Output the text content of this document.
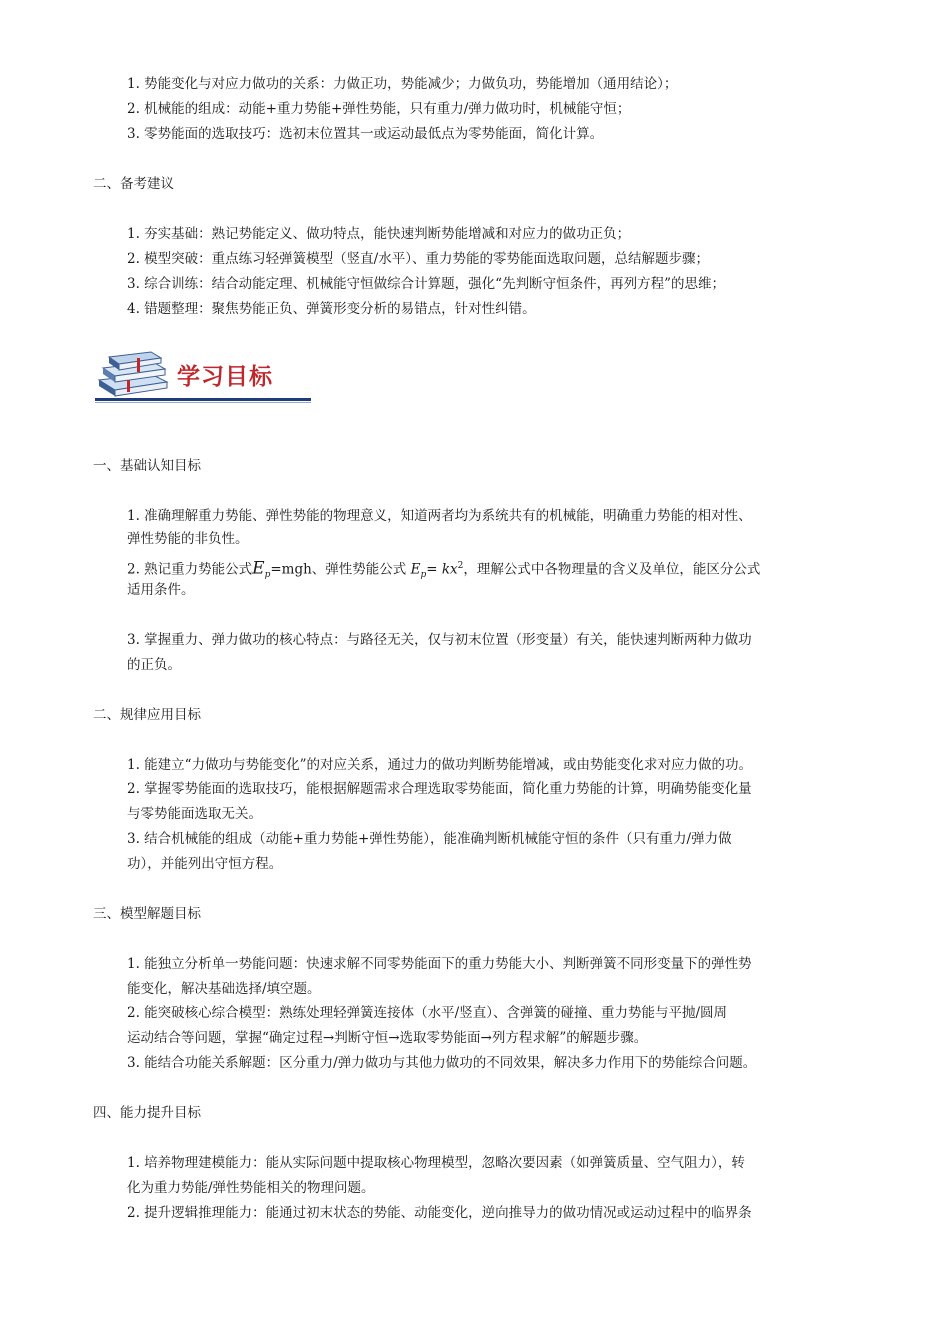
1. 势能变化与对应力做功的关系：力做正功，势能减少；力做负功，势能增加（通用结论）；
2. 机械能的组成：动能+重力势能+弹性势能，只有重力/弹力做功时，机械能守恒；
3. 零势能面的选取技巧：选初末位置其一或运动最低点为零势能面，简化计算。
二、备考建议
1. 夯实基础：熟记势能定义、做功特点，能快速判断势能增减和对应力的做功正负；
2. 模型突破：重点练习轻弹簧模型（竖直/水平）、重力势能的零势能面选取问题，总结解题步骤；
3. 综合训练：结合动能定理、机械能守恒做综合计算题，强化“先判断守恒条件，再列方程”的思维；
4. 错题整理：聚焦势能正负、弹簧形变分析的易错点，针对性纠错。
学习目标
一、基础认知目标
1. 准确理解重力势能、弹性势能的物理意义，知道两者均为系统共有的机械能，明确重力势能的相对性、
弹性势能的非负性。
2. 熟记重力势能公式$E_p=mgh$、弹性势能公式 $E_p= kx^2$，理解公式中各物理量的含义及单位，能区分公式
适用条件。
3. 掌握重力、弹力做功的核心特点：与路径无关，仅与初末位置（形变量）有关，能快速判断两种力做功
的正负。
二、规律应用目标
1. 能建立“力做功与势能变化”的对应关系，通过力的做功判断势能增减，或由势能变化求对应力做的功。
2. 掌握零势能面的选取技巧，能根据解题需求合理选取零势能面，简化重力势能的计算，明确势能变化量
与零势能面选取无关。
3. 结合机械能的组成（动能+重力势能+弹性势能），能准确判断机械能守恒的条件（只有重力/弹力做
功），并能列出守恒方程。
三、模型解题目标
1. 能独立分析单一势能问题：快速求解不同零势能面下的重力势能大小、判断弹簧不同形变量下的弹性势
能变化，解决基础选择/填空题。
2. 能突破核心综合模型：熟练处理轻弹簧连接体（水平/竖直）、含弹簧的碰撞、重力势能与平抛/圆周
运动结合等问题，掌握“确定过程→判断守恒→选取零势能面→列方程求解”的解题步骤。
3. 能结合功能关系解题：区分重力/弹力做功与其他力做功的不同效果，解决多力作用下的势能综合问题。
四、能力提升目标
1. 培养物理建模能力：能从实际问题中提取核心物理模型，忽略次要因素（如弹簧质量、空气阻力），转
化为重力势能/弹性势能相关的物理问题。
2. 提升逻辑推理能力：能通过初末状态的势能、动能变化，逆向推导力的做功情况或运动过程中的临界条
